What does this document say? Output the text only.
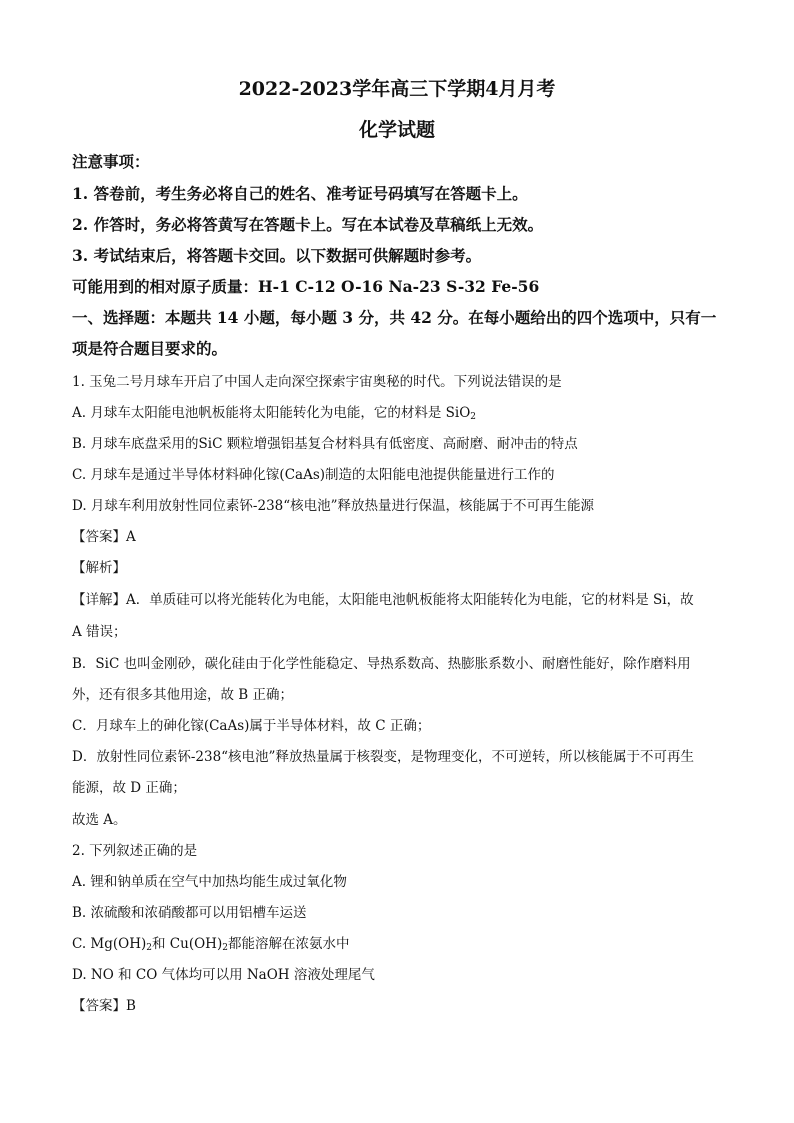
2022-2023学年高三下学期4月月考
化学试题
注意事项：
1. 答卷前，考生务必将自己的姓名、准考证号码填写在答题卡上。
2. 作答时，务必将答黄写在答题卡上。写在本试卷及草稿纸上无效。
3. 考试结束后，将答题卡交回。以下数据可供解题时参考。
可能用到的相对原子质量：H-1 C-12 O-16 Na-23 S-32 Fe-56
一、选择题：本题共 14 小题，每小题 3 分，共 42 分。在每小题给出的四个选项中，只有一
项是符合题目要求的。
1. 玉兔二号月球车开启了中国人走向深空探索宇宙奥秘的时代。下列说法错误的是
A. 月球车太阳能电池帆板能将太阳能转化为电能，它的材料是 SiO$_2$
B. 月球车底盘采用的SiC 颗粒增强铝基复合材料具有低密度、高耐磨、耐冲击的特点
C. 月球车是通过半导体材料砷化镓(CaAs)制造的太阳能电池提供能量进行工作的
D. 月球车利用放射性同位素钚-238“核电池”释放热量进行保温，核能属于不可再生能源
【答案】A
【解析】
【详解】A．单质硅可以将光能转化为电能，太阳能电池帆板能将太阳能转化为电能，它的材料是 Si，故
A 错误；
B．SiC 也叫金刚砂，碳化硅由于化学性能稳定、导热系数高、热膨胀系数小、耐磨性能好，除作磨料用
外，还有很多其他用途，故 B 正确；
C．月球车上的砷化镓(CaAs)属于半导体材料，故 C 正确；
D．放射性同位素钚-238“核电池”释放热量属于核裂变，是物理变化，不可逆转，所以核能属于不可再生
能源，故 D 正确；
故选 A。
2. 下列叙述正确的是
A. 锂和钠单质在空气中加热均能生成过氧化物
B. 浓硫酸和浓硝酸都可以用铝槽车运送
C. $Mg(OH)_2$和 $Cu(OH)_2$都能溶解在浓氨水中
D. NO 和 CO 气体均可以用 NaOH 溶液处理尾气
【答案】B
